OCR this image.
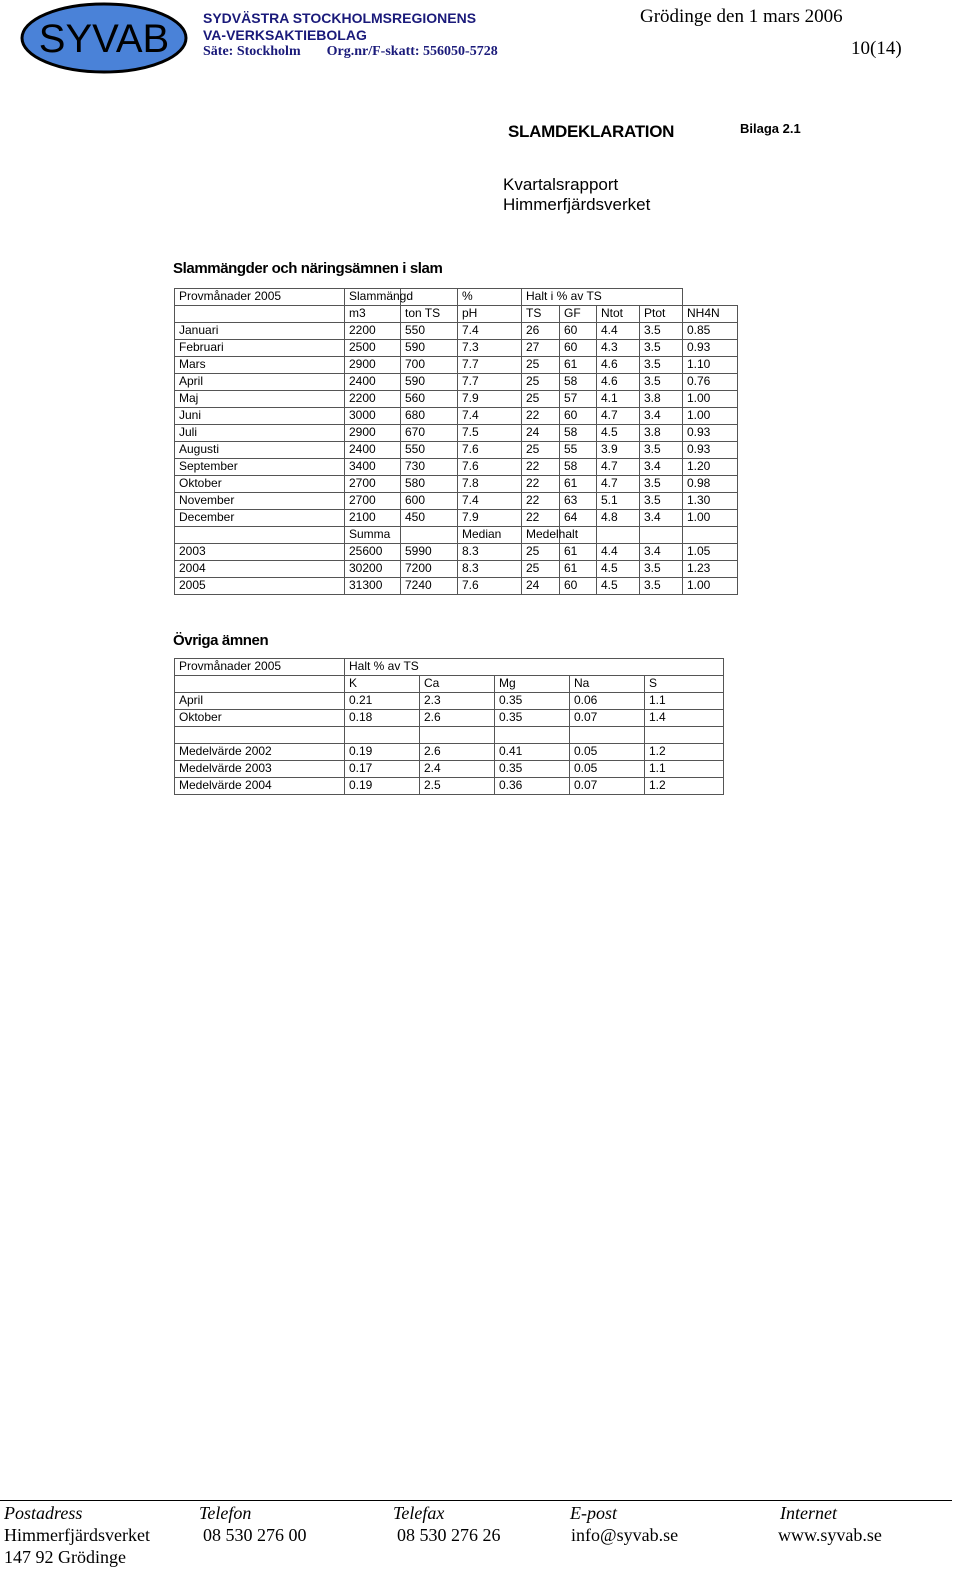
SYVAB SYDVÄSTRA STOCKHOLMSREGIONENS
VA-VERKSAKTIEBOLAG
Säte: Stockholm Org.nr/F-skatt: 556050-5728
Grödinge den 1 mars 2006
10(14)
SLAMDEKLARATION	Bilaga 2.1
Kvartalsrapport
Himmerfjärdsverket
Slammängder och näringsämnen i slam
Provmånader 2005	Slammängd		%	Halt i % av TS				
	m3	ton TS	pH	TS	GF	Ntot	Ptot	NH4N
Januari	2200	550	7.4	26	60	4.4	3.5	0.85
Februari	2500	590	7.3	27	60	4.3	3.5	0.93
Mars	2900	700	7.7	25	61	4.6	3.5	1.10
April	2400	590	7.7	25	58	4.6	3.5	0.76
Maj	2200	560	7.9	25	57	4.1	3.8	1.00
Juni	3000	680	7.4	22	60	4.7	3.4	1.00
Juli	2900	670	7.5	24	58	4.5	3.8	0.93
Augusti	2400	550	7.6	25	55	3.9	3.5	0.93
September	3400	730	7.6	22	58	4.7	3.4	1.20
Oktober	2700	580	7.8	22	61	4.7	3.5	0.98
November	2700	600	7.4	22	63	5.1	3.5	1.30
December	2100	450	7.9	22	64	4.8	3.4	1.00
	Summa		Median	Medelhalt				
2003	25600	5990	8.3	25	61	4.4	3.4	1.05
2004	30200	7200	8.3	25	61	4.5	3.5	1.23
2005	31300	7240	7.6	24	60	4.5	3.5	1.00
Övriga ämnen
Provmånader 2005	Halt % av TS				
	K	Ca	Mg	Na	S
April	0.21	2.3	0.35	0.06	1.1
Oktober	0.18	2.6	0.35	0.07	1.4

Medelvärde 2002	0.19	2.6	0.41	0.05	1.2
Medelvärde 2003	0.17	2.4	0.35	0.05	1.1
Medelvärde 2004	0.19	2.5	0.36	0.07	1.2
Postadress	Telefon	Telefax	E-post	Internet
Himmerfjärdsverket	08 530 276 00	08 530 276 26	info@syvab.se	www.syvab.se
147 92 Grödinge
